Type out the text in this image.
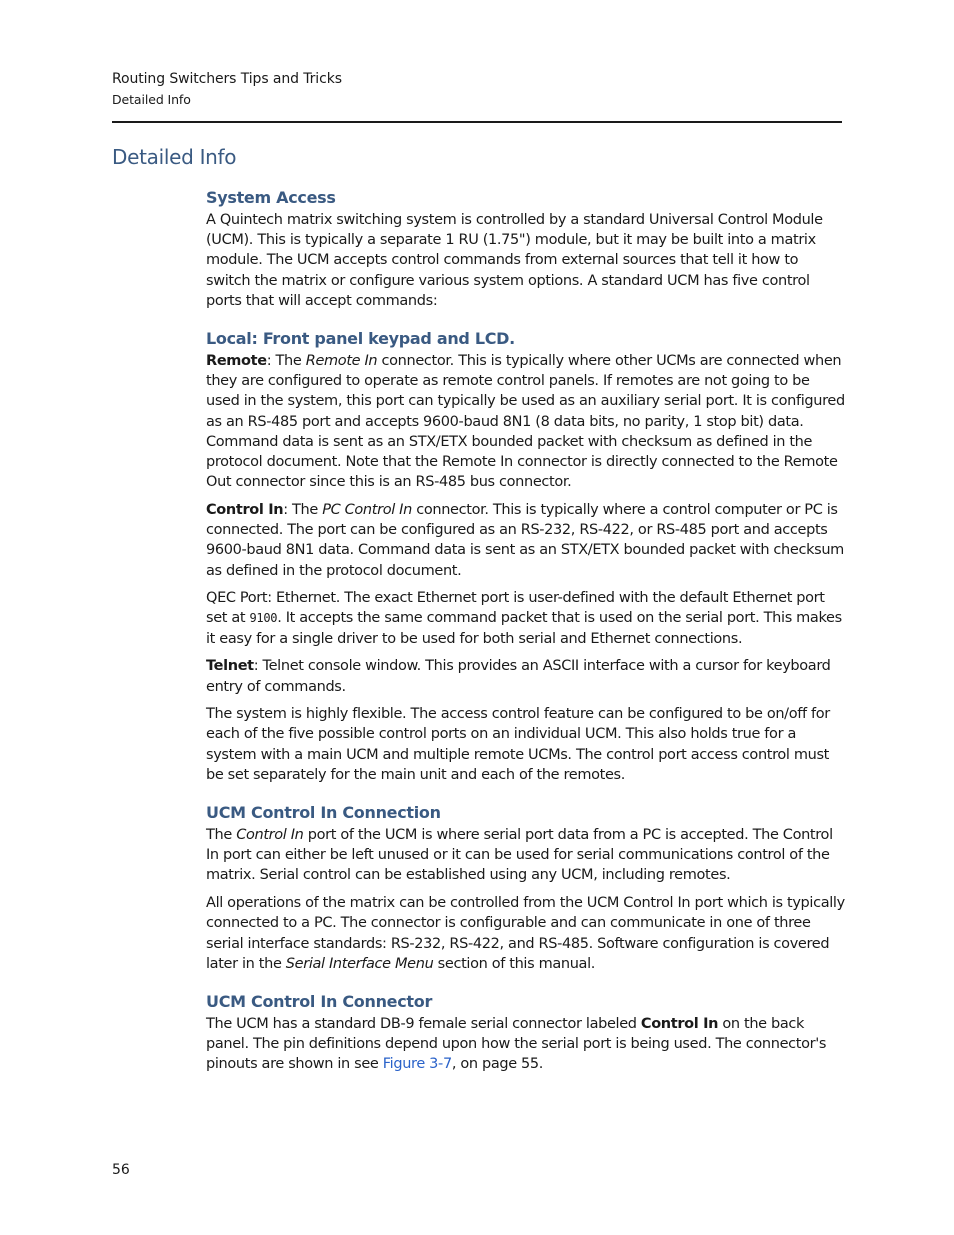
Routing Switchers Tips and Tricks
Detailed Info
Detailed Info
System Access

A Quintech matrix switching system is controlled by a standard Universal Control Module (UCM). This is typically a separate 1 RU (1.75") module, but it may be built into a matrix module. The UCM accepts control commands from external sources that tell it how to switch the matrix or configure various system options. A standard UCM has five control ports that will accept commands:

Local: Front panel keypad and LCD.

Remote: The Remote In connector. This is typically where other UCMs are connected when they are configured to operate as remote control panels. If remotes are not going to be used in the system, this port can typically be used as an auxiliary serial port. It is configured as an RS-485 port and accepts 9600-baud 8N1 (8 data bits, no parity, 1 stop bit) data. Command data is sent as an STX/ETX bounded packet with checksum as defined in the protocol document. Note that the Remote In connector is directly connected to the Remote Out connector since this is an RS-485 bus connector.

Control In: The PC Control In connector. This is typically where a control computer or PC is connected. The port can be configured as an RS-232, RS-422, or RS-485 port and accepts 9600-baud 8N1 data. Command data is sent as an STX/ETX bounded packet with checksum as defined in the protocol document.

QEC Port: Ethernet. The exact Ethernet port is user-defined with the default Ethernet port set at 9100. It accepts the same command packet that is used on the serial port. This makes it easy for a single driver to be used for both serial and Ethernet connections.

Telnet: Telnet console window. This provides an ASCII interface with a cursor for keyboard entry of commands.

The system is highly flexible. The access control feature can be configured to be on/off for each of the five possible control ports on an individual UCM. This also holds true for a system with a main UCM and multiple remote UCMs. The control port access control must be set separately for the main unit and each of the remotes.

UCM Control In Connection

The Control In port of the UCM is where serial port data from a PC is accepted. The Control In port can either be left unused or it can be used for serial communications control of the matrix. Serial control can be established using any UCM, including remotes.

All operations of the matrix can be controlled from the UCM Control In port which is typically connected to a PC. The connector is configurable and can communicate in one of three serial interface standards: RS-232, RS-422, and RS-485. Software configuration is covered later in the Serial Interface Menu section of this manual.

UCM Control In Connector

The UCM has a standard DB-9 female serial connector labeled Control In on the back panel. The pin definitions depend upon how the serial port is being used. The connector's pinouts are shown in see Figure 3-7, on page 55.

56
